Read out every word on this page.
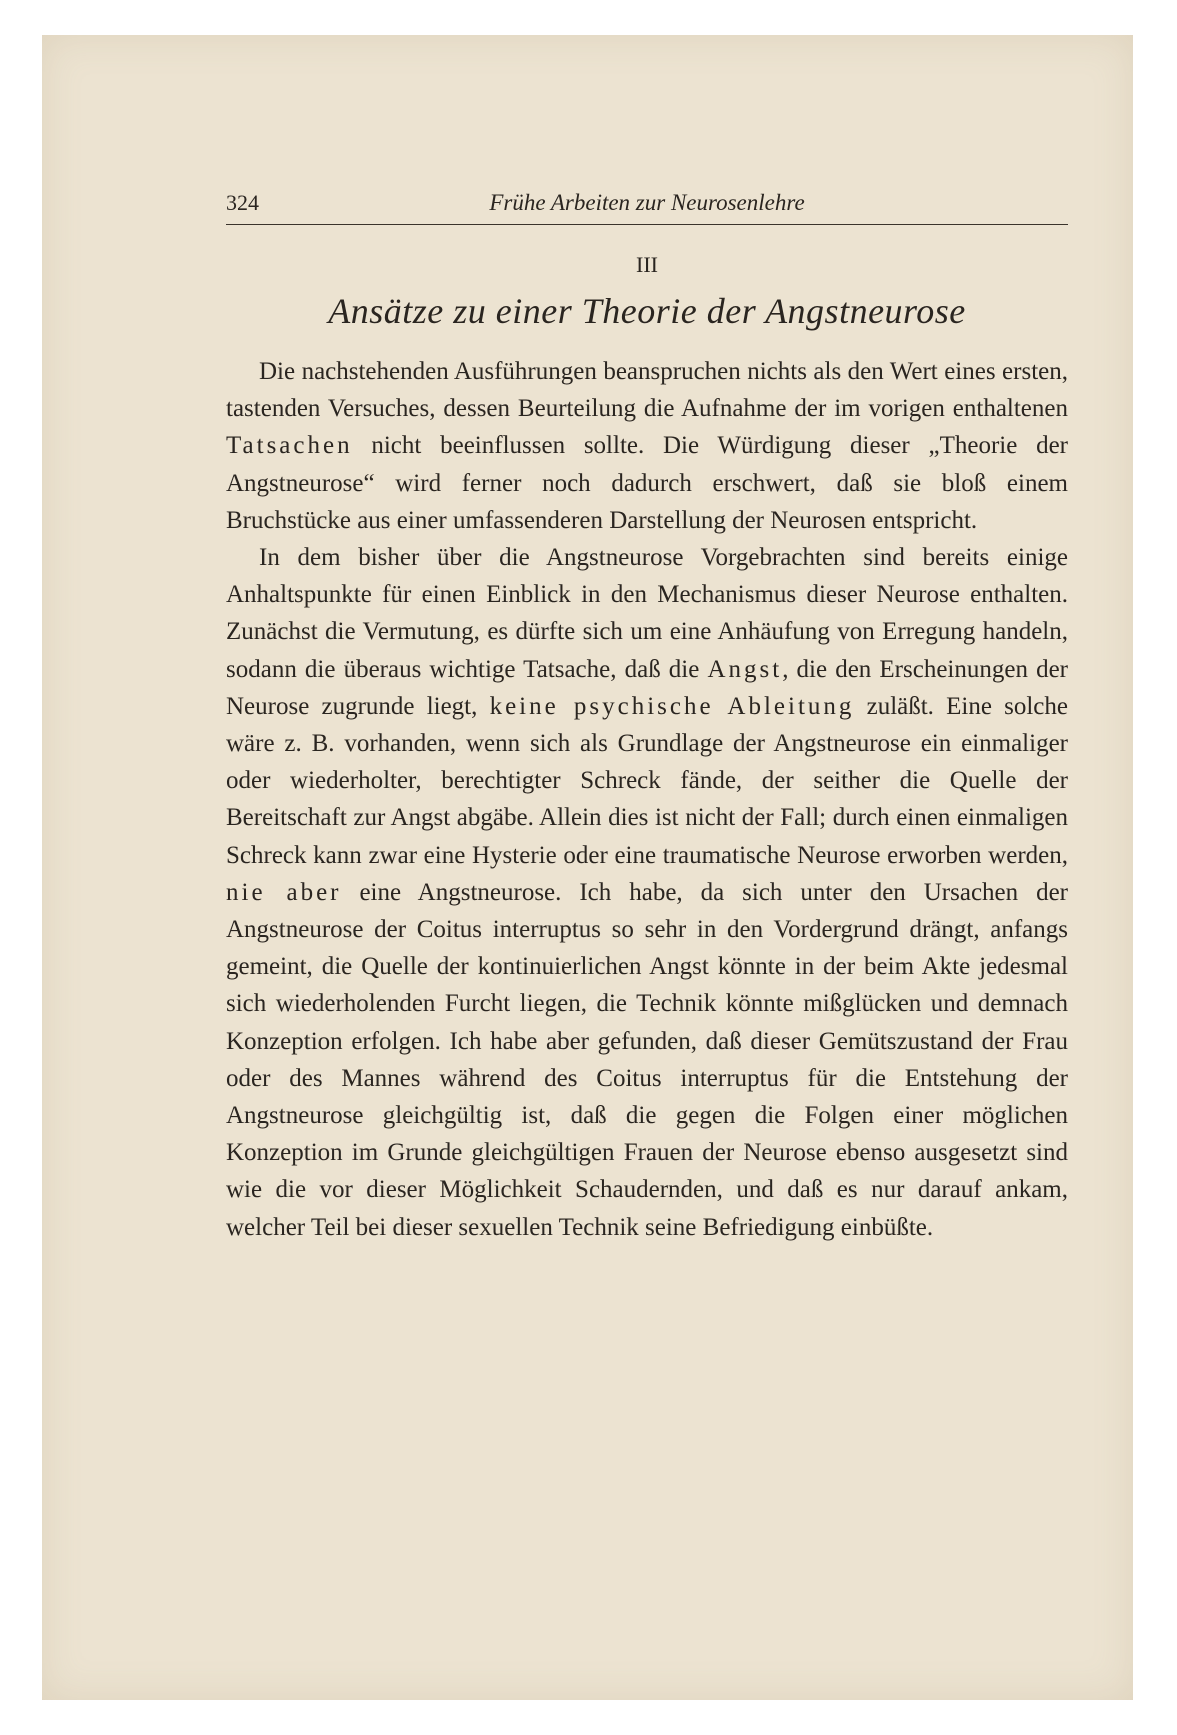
324	Frühe Arbeiten zur Neurosenlehre
III
Ansätze zu einer Theorie der Angstneurose

Die nachstehenden Ausführungen beanspruchen nichts als den Wert eines ersten, tastenden Versuches, dessen Beurteilung die Aufnahme der im vorigen enthaltenen Tatsachen nicht beeinflussen sollte. Die Würdigung dieser „Theorie der Angstneurose“ wird ferner noch dadurch erschwert, daß sie bloß einem Bruchstücke aus einer umfassenderen Darstellung der Neurosen entspricht.

In dem bisher über die Angstneurose Vorgebrachten sind bereits einige Anhaltspunkte für einen Einblick in den Mechanismus dieser Neurose enthalten. Zunächst die Vermutung, es dürfte sich um eine Anhäufung von Erregung handeln, sodann die überaus wichtige Tatsache, daß die Angst, die den Erscheinungen der Neurose zugrunde liegt, keine psychische Ableitung zuläßt. Eine solche wäre z. B. vorhanden, wenn sich als Grundlage der Angstneurose ein einmaliger oder wiederholter, berechtigter Schreck fände, der seither die Quelle der Bereitschaft zur Angst abgäbe. Allein dies ist nicht der Fall; durch einen einmaligen Schreck kann zwar eine Hysterie oder eine traumatische Neurose erworben werden, nie aber eine Angstneurose. Ich habe, da sich unter den Ursachen der Angstneurose der Coitus interruptus so sehr in den Vordergrund drängt, anfangs gemeint, die Quelle der kontinuierlichen Angst könnte in der beim Akte jedesmal sich wiederholenden Furcht liegen, die Technik könnte mißglücken und demnach Konzeption erfolgen. Ich habe aber gefunden, daß dieser Gemütszustand der Frau oder des Mannes während des Coitus interruptus für die Entstehung der Angstneurose gleichgültig ist, daß die gegen die Folgen einer möglichen Konzeption im Grunde gleichgültigen Frauen der Neurose ebenso ausgesetzt sind wie die vor dieser Möglichkeit Schaudernden, und daß es nur darauf ankam, welcher Teil bei dieser sexuellen Technik seine Befriedigung einbüßte.
